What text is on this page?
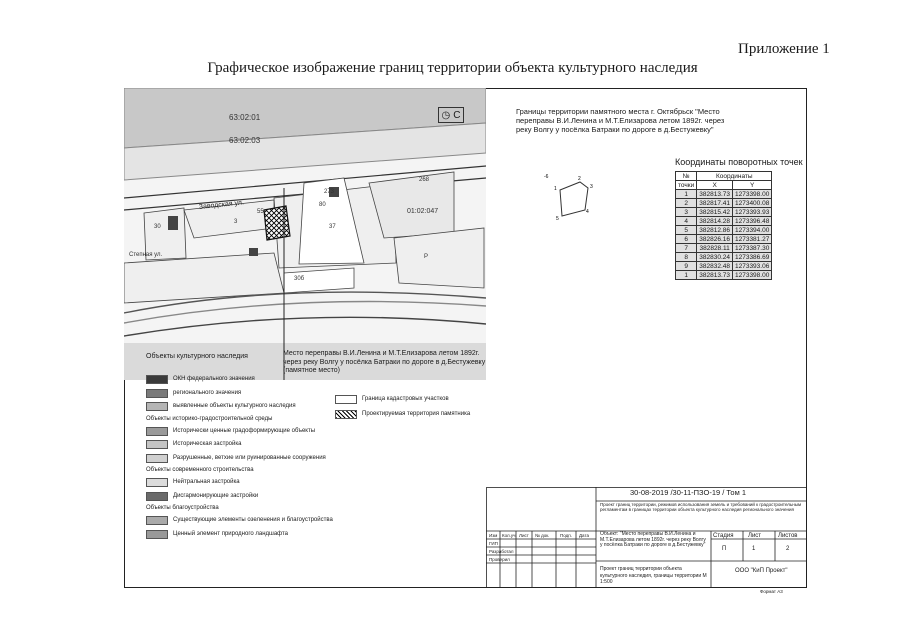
Приложение 1
Графическое изображение границ территории объекта культурного наследия
63:02:01
63:02:03
Заводская ул.
01:02:047
Степная ул.
273
55
80
30
268
3
37
30б
P
◷ С	Границы территории памятного места г. Октябрьск "Место переправы В.И.Ленина и М.Т.Елизарова летом 1892г. через реку Волгу у посёлка Батраки по дороге в д.Бестужевку"
1
2
3
4
5
-6
Координаты поворотных точек
№	Координаты	
точки	X	Y
1	382813.73	1273398.00
2	382817.41	1273400.08
3	382815.42	1273393.93
4	382814.28	1273396.48
5	382812.86	1273394.00
6	382826.16	1273381.27
7	382828.11	1273387.30
8	382830.24	1273386.69
9	382832.48	1273393.06
1	382813.73	1273398.00
Место переправы В.И.Ленина и М.Т.Елизарова летом 1892г. через реку Волгу у посёлка Батраки по дороге в д.Бестужевку (памятное место)
Объекты культурного наследия
ОКН федерального значения
регионального значения
выявленные объекты культурного наследия
Объекты историко-градостроительной среды
Исторически ценные градоформирующие объекты
Историческая застройка
Разрушенные, ветхие или руинированные сооружения
Объекты современного строительства
Нейтральная застройка
Дисгармонирующие застройки
Объекты благоустройства
Существующие элементы озеленения и благоустройства
Ценный элемент природного ландшафта
Граница кадастровых участков
Проектируемая территория памятника
30-08-2019 /30-11-ПЗО-19 / Том 1
Проект границ территории, режимов использования земель и требований к градостроительным регламентам в границах территории объекта культурного наследия регионального значения
Объект: "Место переправы В.И.Ленина и М.Т.Елизарова летом 1892г. через реку Волгу у посёлка Батраки по дороге в д.Бестужевку"
Стадия Лист	Листов
П	1	2
Проект границ территории объекта культурного наследия, границы территории М 1:500
ООО "КиП Проект"
Формат А3
Изм Кол.уч. Лист № док. Подп. Дата
ГИП
Разработал
Проверил
